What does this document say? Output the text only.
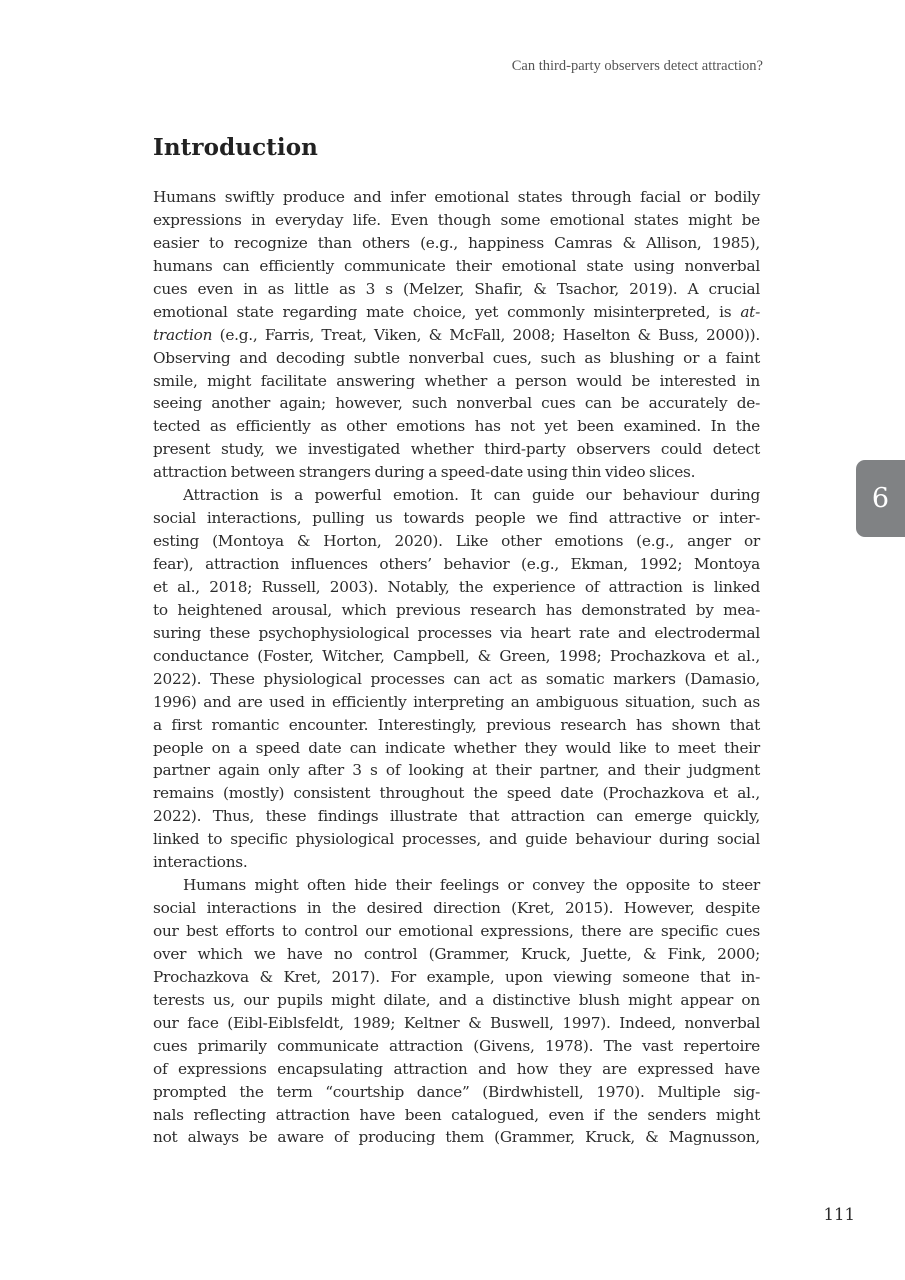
Can third-party observers detect attraction?
Introduction
Humans swiftly produce and infer emotional states through facial or bodily
expressions in everyday life. Even though some emotional states might be
easier to recognize than others (e.g., happiness Camras & Allison, 1985),
humans can efficiently communicate their emotional state using nonverbal
cues even in as little as 3 s (Melzer, Shafir, & Tsachor, 2019). A crucial
emotional state regarding mate choice, yet commonly misinterpreted, is at-
traction (e.g., Farris, Treat, Viken, & McFall, 2008; Haselton & Buss, 2000)).
Observing and decoding subtle nonverbal cues, such as blushing or a faint
smile, might facilitate answering whether a person would be interested in
seeing another again; however, such nonverbal cues can be accurately de-
tected as efficiently as other emotions has not yet been examined. In the
present study, we investigated whether third-party observers could detect
attraction between strangers during a speed-date using thin video slices.
Attraction is a powerful emotion. It can guide our behaviour during
social interactions, pulling us towards people we find attractive or inter-
esting (Montoya & Horton, 2020). Like other emotions (e.g., anger or
fear), attraction influences others’ behavior (e.g., Ekman, 1992; Montoya
et al., 2018; Russell, 2003). Notably, the experience of attraction is linked
to heightened arousal, which previous research has demonstrated by mea-
suring these psychophysiological processes via heart rate and electrodermal
conductance (Foster, Witcher, Campbell, & Green, 1998; Prochazkova et al.,
2022). These physiological processes can act as somatic markers (Damasio,
1996) and are used in efficiently interpreting an ambiguous situation, such as
a first romantic encounter. Interestingly, previous research has shown that
people on a speed date can indicate whether they would like to meet their
partner again only after 3 s of looking at their partner, and their judgment
remains (mostly) consistent throughout the speed date (Prochazkova et al.,
2022). Thus, these findings illustrate that attraction can emerge quickly,
linked to specific physiological processes, and guide behaviour during social
interactions.
Humans might often hide their feelings or convey the opposite to steer
social interactions in the desired direction (Kret, 2015). However, despite
our best efforts to control our emotional expressions, there are specific cues
over which we have no control (Grammer, Kruck, Juette, & Fink, 2000;
Prochazkova & Kret, 2017). For example, upon viewing someone that in-
terests us, our pupils might dilate, and a distinctive blush might appear on
our face (Eibl-Eiblsfeldt, 1989; Keltner & Buswell, 1997). Indeed, nonverbal
cues primarily communicate attraction (Givens, 1978). The vast repertoire
of expressions encapsulating attraction and how they are expressed have
prompted the term “courtship dance” (Birdwhistell, 1970). Multiple sig-
nals reflecting attraction have been catalogued, even if the senders might
not always be aware of producing them (Grammer, Kruck, & Magnusson,
6
111
